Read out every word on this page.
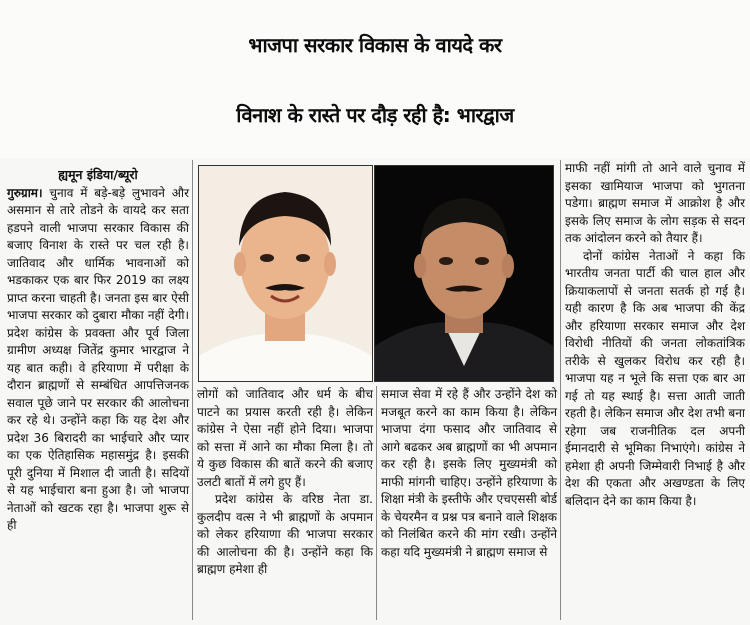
भाजपा सरकार विकास के वायदे कर
विनाश के रास्ते पर दौड़ रही है: भारद्वाज
ह्यमून इंडिया/ब्यूरो

गुरुग्राम। चुनाव में बड़े-बड़े लुभावने और असमान से तारे तोडने के वायदे कर सता हडपने वाली भाजपा सरकार विकास की बजाए विनाश के रास्ते पर चल रही है। जातिवाद और धार्मिक भावनाओं को भडकाकर एक बार फिर 2019 का लक्ष्य प्राप्त करना चाहती है। जनता इस बार ऐसी भाजपा सरकार को दुबारा मौका नहीं देगी। प्रदेश कांग्रेस के प्रवक्ता और पूर्व जिला ग्रामीण अध्यक्ष जितेंद्र कुमार भारद्वाज ने यह बात कही। वे हरियाणा में परीक्षा के दौरान ब्राह्मणों से सम्बंधित आपत्तिजनक सवाल पूछे जाने पर सरकार की आलोचना कर रहे थे। उन्होंने कहा कि यह देश और प्रदेश 36 बिरादरी का भाईचारे और प्यार का एक ऐतिहासिक महासमुंद्र है। इसकी पूरी दुनिया में मिशाल दी जाती है। सदियों से यह भाईचारा बना हुआ है। जो भाजपा नेताओं को खटक रहा है। भाजपा शुरू से ही

लोगों को जातिवाद और धर्म के बीच पाटने का प्रयास करती रही है। लेकिन कांग्रेस ने ऐसा नहीं होने दिया। भाजपा को सत्ता में आने का मौका मिला है। तो ये कुछ विकास की बातें करने की बजाए उलटी बातों में लगे हुए हैं।

प्रदेश कांग्रेस के वरिष्ठ नेता डा. कुलदीप वत्स ने भी ब्राह्मणों के अपमान को लेकर हरियाणा की भाजपा सरकार की आलोचना की है। उन्होंने कहा कि ब्राह्मण हमेशा ही

समाज सेवा में रहे हैं और उन्होंने देश को मजबूत करने का काम किया है। लेकिन भाजपा दंगा फसाद और जातिवाद से आगे बढकर अब ब्राह्मणों का भी अपमान कर रही है। इसके लिए मुख्यमंत्री को माफी मांगनी चाहिए। उन्होंने हरियाणा के शिक्षा मंत्री के इस्तीफे और एचएससी बोर्ड के चेयरमैन व प्रश्न पत्र बनाने वाले शिक्षक को निलंबित करने की मांग रखी। उन्होंने कहा यदि मुख्यमंत्री ने ब्राह्मण समाज से

माफी नहीं मांगी तो आने वाले चुनाव में इसका खामियाज भाजपा को भुगतना पडेगा। ब्राह्मण समाज में आक्रोश है और इसके लिए समाज के लोग सड़क से सदन तक आंदोलन करने को तैयार हैं।

दोनों कांग्रेस नेताओं ने कहा कि भारतीय जनता पार्टी की चाल हाल और क्रियाकलापों से जनता सतर्क हो गई है। यही कारण है कि अब भाजपा की केंद्र और हरियाणा सरकार समाज और देश विरोधी नीतियों की जनता लोकतांत्रिक तरीके से खुलकर विरोध कर रही है। भाजपा यह न भूले कि सत्ता एक बार आ गई तो यह स्थाई है। सत्ता आती जाती रहती है। लेकिन समाज और देश तभी बना रहेगा जब राजनीतिक दल अपनी ईमानदारी से भूमिका निभाएंगे। कांग्रेस ने हमेशा ही अपनी जिम्मेवारी निभाई है और देश की एकता और अखण्डता के लिए बलिदान देने का काम किया है।
